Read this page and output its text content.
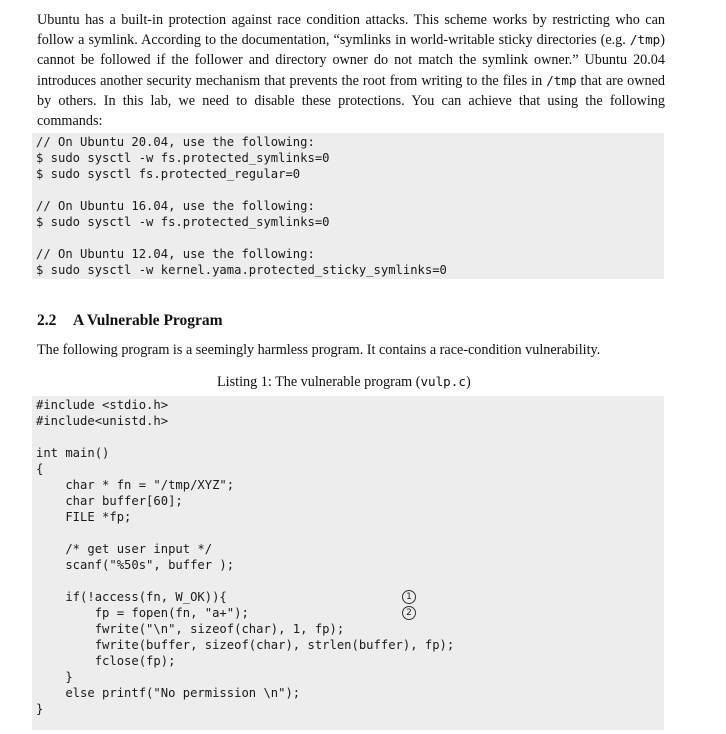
Ubuntu has a built-in protection against race condition attacks. This scheme works by restricting who can follow a symlink. According to the documentation, “symlinks in world-writable sticky directories (e.g. /tmp) cannot be followed if the follower and directory owner do not match the symlink owner.” Ubuntu 20.04 introduces another security mechanism that prevents the root from writing to the files in /tmp that are owned by others. In this lab, we need to disable these protections. You can achieve that using the following commands:

// On Ubuntu 20.04, use the following:
$ sudo sysctl -w fs.protected_symlinks=0
$ sudo sysctl fs.protected_regular=0
// On Ubuntu 16.04, use the following:
$ sudo sysctl -w fs.protected_symlinks=0
// On Ubuntu 12.04, use the following:
$ sudo sysctl -w kernel.yama.protected_sticky_symlinks=0
2.2 A Vulnerable Program
The following program is a seemingly harmless program. It contains a race-condition vulnerability.
Listing 1: The vulnerable program (vulp.c)
#include <stdio.h>
#include<unistd.h>
int main()
{
char * fn = "/tmp/XYZ";
char buffer[60];
FILE *fp;
/* get user input */
scanf("%50s", buffer );
if(!access(fn, W_OK)){
fp = fopen(fn, "a+");
fwrite("\n", sizeof(char), 1, fp);
fwrite(buffer, sizeof(char), strlen(buffer), fp);
fclose(fp);
}
else printf("No permission \n");
}
1
2
